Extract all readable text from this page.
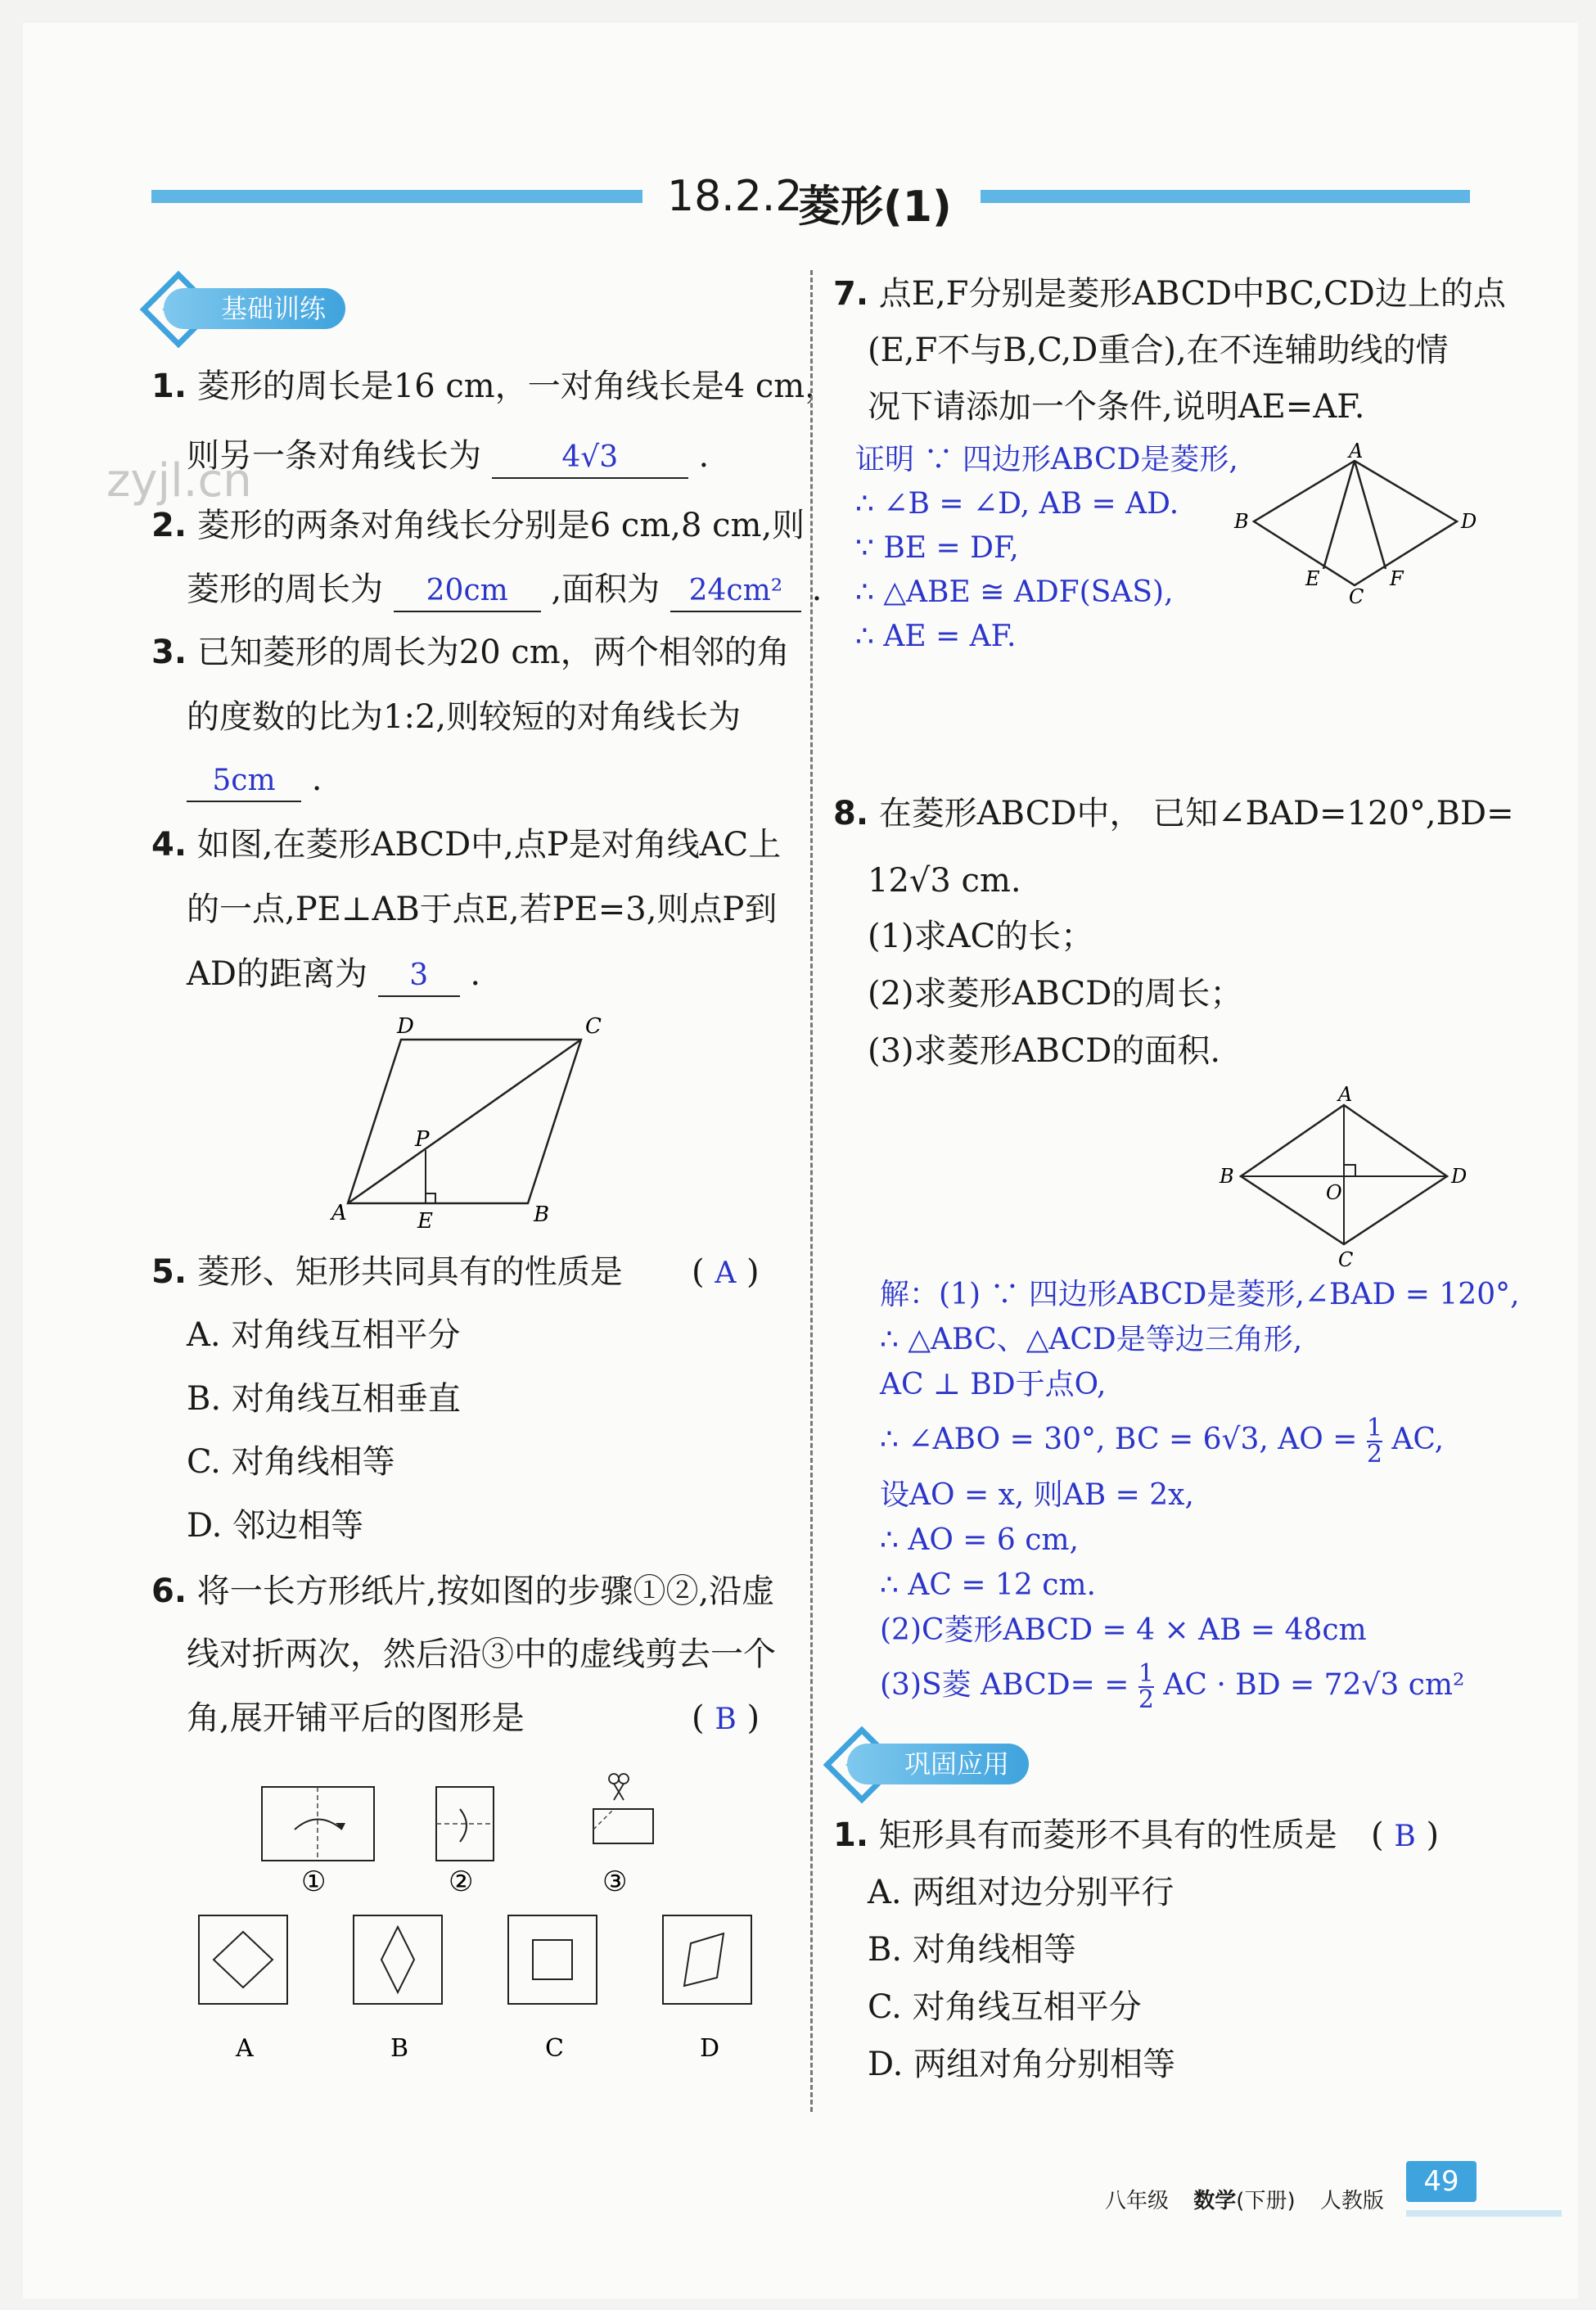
18.2.2
菱形(1)
基础训练
zyjl.cn
1. 菱形的周长是16 cm，一对角线长是4 cm，
则另一条对角线长为	4√3 .
2. 菱形的两条对角线长分别是6 cm,8 cm,则
菱形的周长为 20cm ,面积为 24cm² .
3. 已知菱形的周长为20 cm，两个相邻的角
的度数的比为1:2,则较短的对角线长为
5cm .
4. 如图,在菱形ABCD中,点P是对角线AC上
的一点,PE⊥AB于点E,若PE=3,则点P到
AD的距离为 3 .
D	C
A	B
P
E
5. 菱形、矩形共同具有的性质是 ( A )
A. 对角线互相平分
B. 对角线互相垂直
C. 对角线相等
D. 邻边相等
6. 将一长方形纸片,按如图的步骤①②,沿虚
线对折两次，然后沿③中的虚线剪去一个
角,展开铺平后的图形是	( B )
①	②	③
A	B	C	D
7. 点E,F分别是菱形ABCD中BC,CD边上的点
(E,F不与B,C,D重合),在不连辅助线的情
况下请添加一个条件,说明AE=AF.
证明 ∵ 四边形ABCD是菱形,
∴ ∠B = ∠D, AB = AD.
∵ BE = DF,
∴ △ABE ≅ ADF(SAS),
∴ AE = AF.
A
B
C
D
E	F
8. 在菱形ABCD中， 已知∠BAD=120°,BD=
12√3 cm.
(1)求AC的长；
(2)求菱形ABCD的周长；
(3)求菱形ABCD的面积.
A
B
C
D
O
解：(1) ∵ 四边形ABCD是菱形,∠BAD = 120°,
∴ △ABC、△ACD是等边三角形,
AC ⊥ BD于点O,
∴ ∠ABO = 30°, BC = 6√3, AO = $\frac{1}{2}$ AC,
设AO = x, 则AB = 2x,
∴ AO = 6 cm,
∴ AC = 12 cm.
(2)C菱形ABCD = 4 × AB = 48cm
(3)S菱 ABCD= = $\frac{1}{2}$ AC · BD = 72√3 cm²
巩固应用
1. 矩形具有而菱形不具有的性质是 ( B )
A. 两组对边分别平行
B. 对角线相等
C. 对角线互相平分
D. 两组对角分别相等
八年级 数学(下册) 人教版
49
